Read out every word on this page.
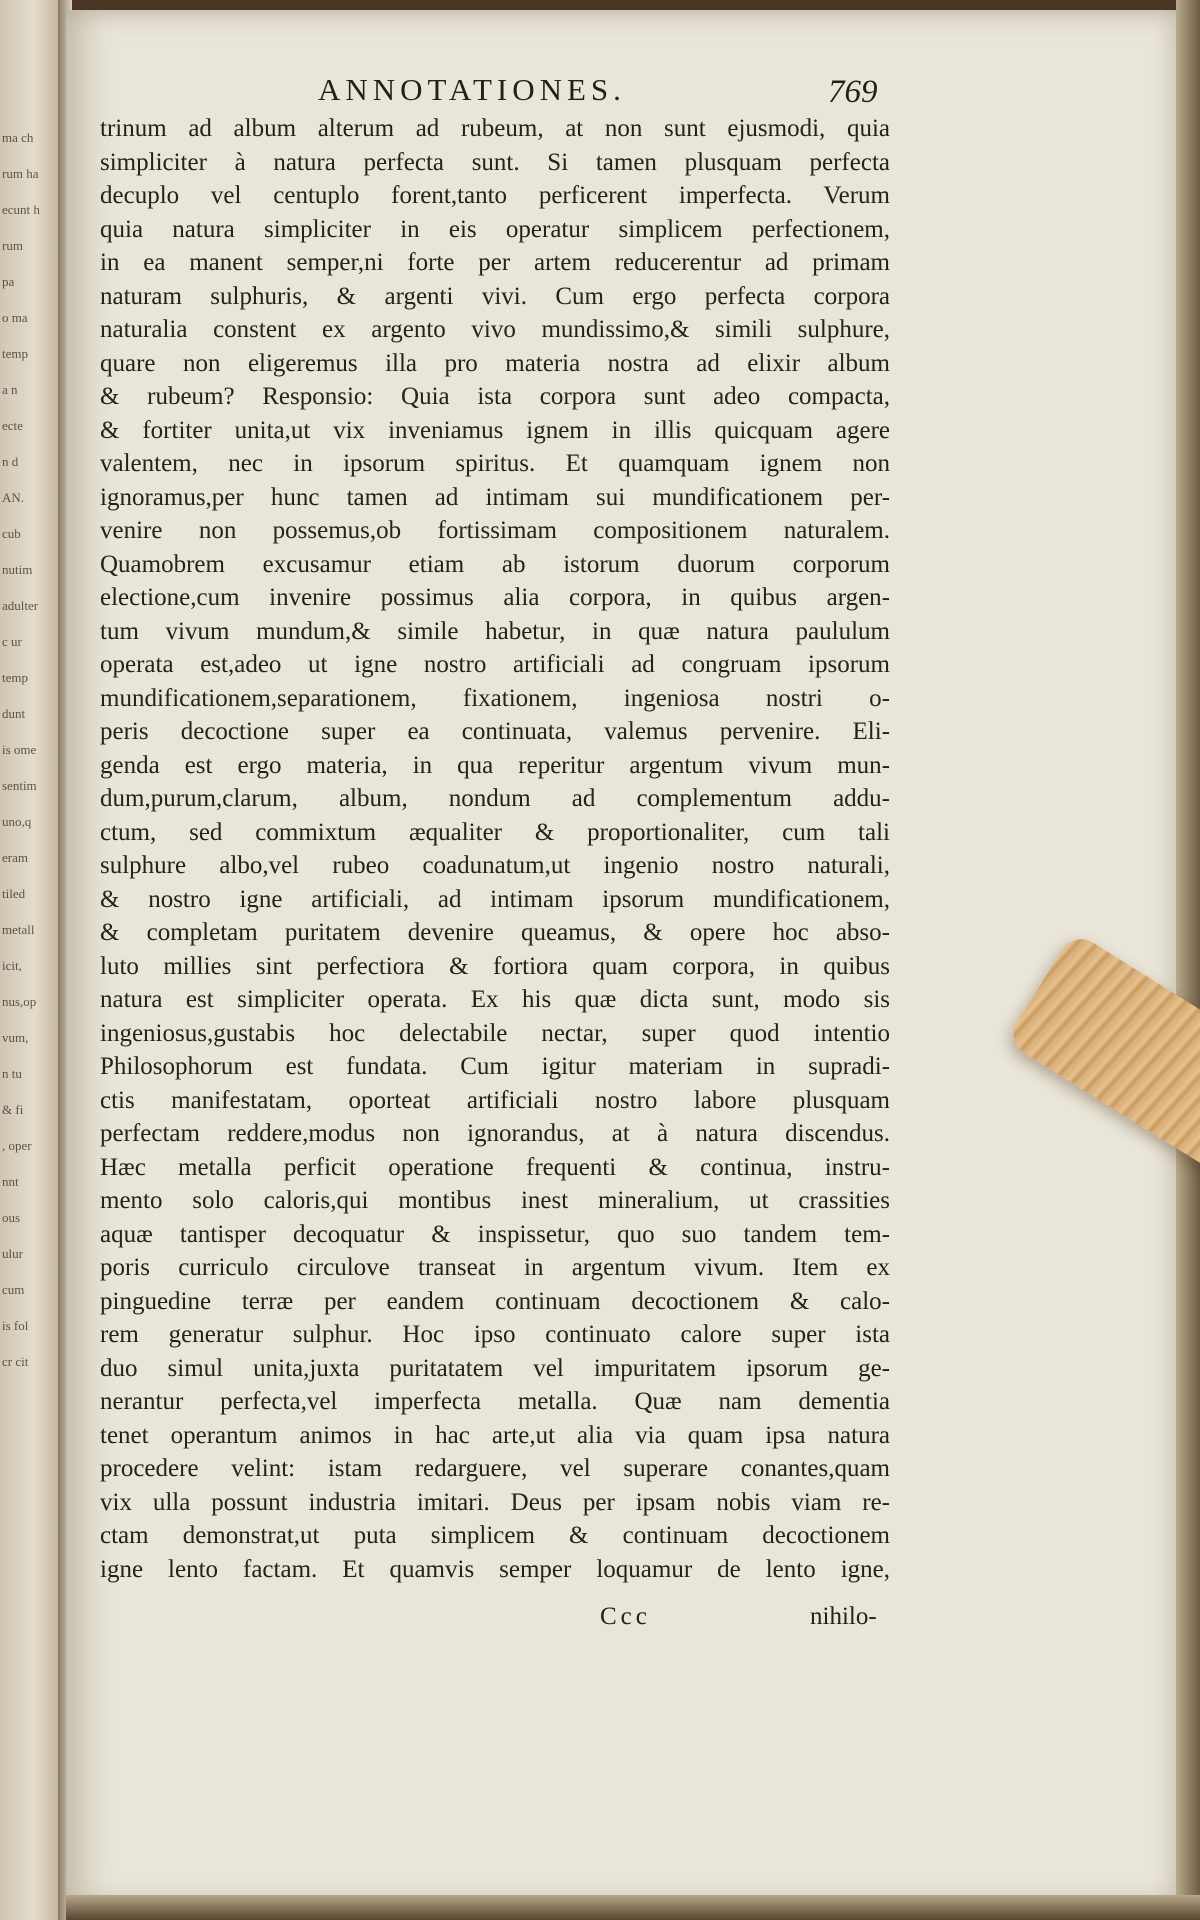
ma ch
rum ha
ecunt h
rum
pa
o ma
temp
a n
ecte
n d
AN.
cub
nutim
adulter
c ur
temp
dunt
is ome
sentim
uno,q
eram
tiled
metall
icit,
nus,op
vum,
n tu
& fi
, oper
nnt
ous
ulur
cum
is fol
cr cit
ANNOTATIONES.	769
trinum ad album alterum ad rubeum, at non sunt ejusmodi, quia
simpliciter à natura perfecta sunt. Si tamen plusquam perfecta
decuplo vel centuplo forent,tanto perficerent imperfecta. Verum
quia natura simpliciter in eis operatur simplicem perfectionem,
in ea manent semper,ni forte per artem reducerentur ad primam
naturam sulphuris, & argenti vivi. Cum ergo perfecta corpora
naturalia constent ex argento vivo mundissimo,& simili sulphure,
quare non eligeremus illa pro materia nostra ad elixir album
& rubeum? Responsio: Quia ista corpora sunt adeo compacta,
& fortiter unita,ut vix inveniamus ignem in illis quicquam agere
valentem, nec in ipsorum spiritus. Et quamquam ignem non
ignoramus,per hunc tamen ad intimam sui mundificationem per-
venire non possemus,ob fortissimam compositionem naturalem.
Quamobrem excusamur etiam ab istorum duorum corporum
electione,cum invenire possimus alia corpora, in quibus argen-
tum vivum mundum,& simile habetur, in quæ natura paululum
operata est,adeo ut igne nostro artificiali ad congruam ipsorum
mundificationem,separationem, fixationem, ingeniosa nostri o-
peris decoctione super ea continuata, valemus pervenire. Eli-
genda est ergo materia, in qua reperitur argentum vivum mun-
dum,purum,clarum, album, nondum ad complementum addu-
ctum, sed commixtum æqualiter & proportionaliter, cum tali
sulphure albo,vel rubeo coadunatum,ut ingenio nostro naturali,
& nostro igne artificiali, ad intimam ipsorum mundificationem,
& completam puritatem devenire queamus, & opere hoc abso-
luto millies sint perfectiora & fortiora quam corpora, in quibus
natura est simpliciter operata. Ex his quæ dicta sunt, modo sis
ingeniosus,gustabis hoc delectabile nectar, super quod intentio
Philosophorum est fundata. Cum igitur materiam in supradi-
ctis manifestatam, oporteat artificiali nostro labore plusquam
perfectam reddere,modus non ignorandus, at à natura discendus.
Hæc metalla perficit operatione frequenti & continua, instru-
mento solo caloris,qui montibus inest mineralium, ut crassities
aquæ tantisper decoquatur & inspissetur, quo suo tandem tem-
poris curriculo circulove transeat in argentum vivum. Item ex
pinguedine terræ per eandem continuam decoctionem & calo-
rem generatur sulphur. Hoc ipso continuato calore super ista
duo simul unita,juxta puritatatem vel impuritatem ipsorum ge-
nerantur perfecta,vel imperfecta metalla. Quæ nam dementia
tenet operantum animos in hac arte,ut alia via quam ipsa natura
procedere velint: istam redarguere, vel superare conantes,quam
vix ulla possunt industria imitari. Deus per ipsam nobis viam re-
ctam demonstrat,ut puta simplicem & continuam decoctionem
igne lento factam. Et quamvis semper loquamur de lento igne,
Ccc	nihilo-
